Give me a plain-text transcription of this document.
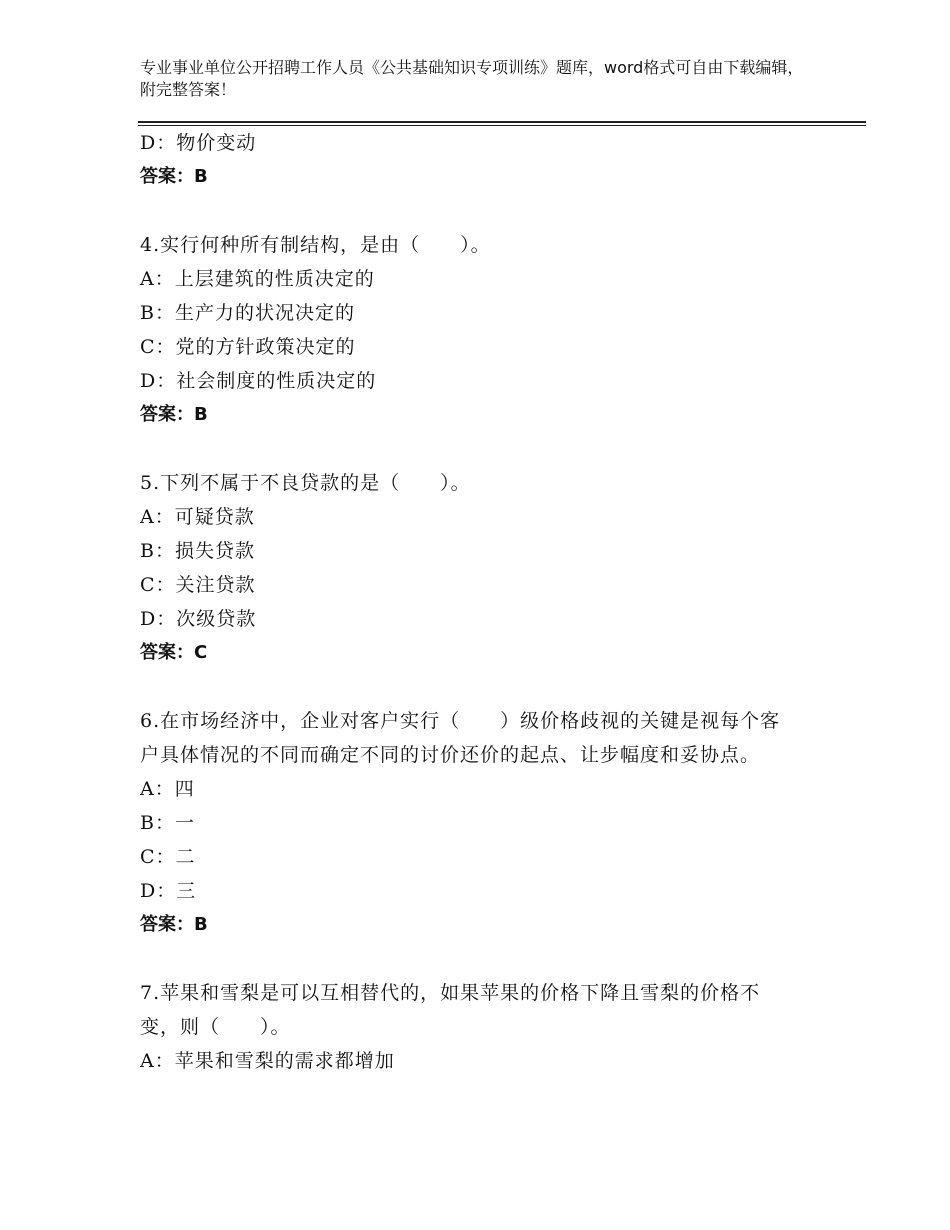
专业事业单位公开招聘工作人员《公共基础知识专项训练》题库，word格式可自由下载编辑，附完整答案！
D：物价变动
答案：B
4.实行何种所有制结构，是由（　　）。
A：上层建筑的性质决定的
B：生产力的状况决定的
C：党的方针政策决定的
D：社会制度的性质决定的
答案：B
5.下列不属于不良贷款的是（　　）。
A：可疑贷款
B：损失贷款
C：关注贷款
D：次级贷款
答案：C
6.在市场经济中，企业对客户实行（　　）级价格歧视的关键是视每个客户具体情况的不同而确定不同的讨价还价的起点、让步幅度和妥协点。
A：四
B：一
C：二
D：三
答案：B
7.苹果和雪梨是可以互相替代的，如果苹果的价格下降且雪梨的价格不变，则（　　）。
A：苹果和雪梨的需求都增加
